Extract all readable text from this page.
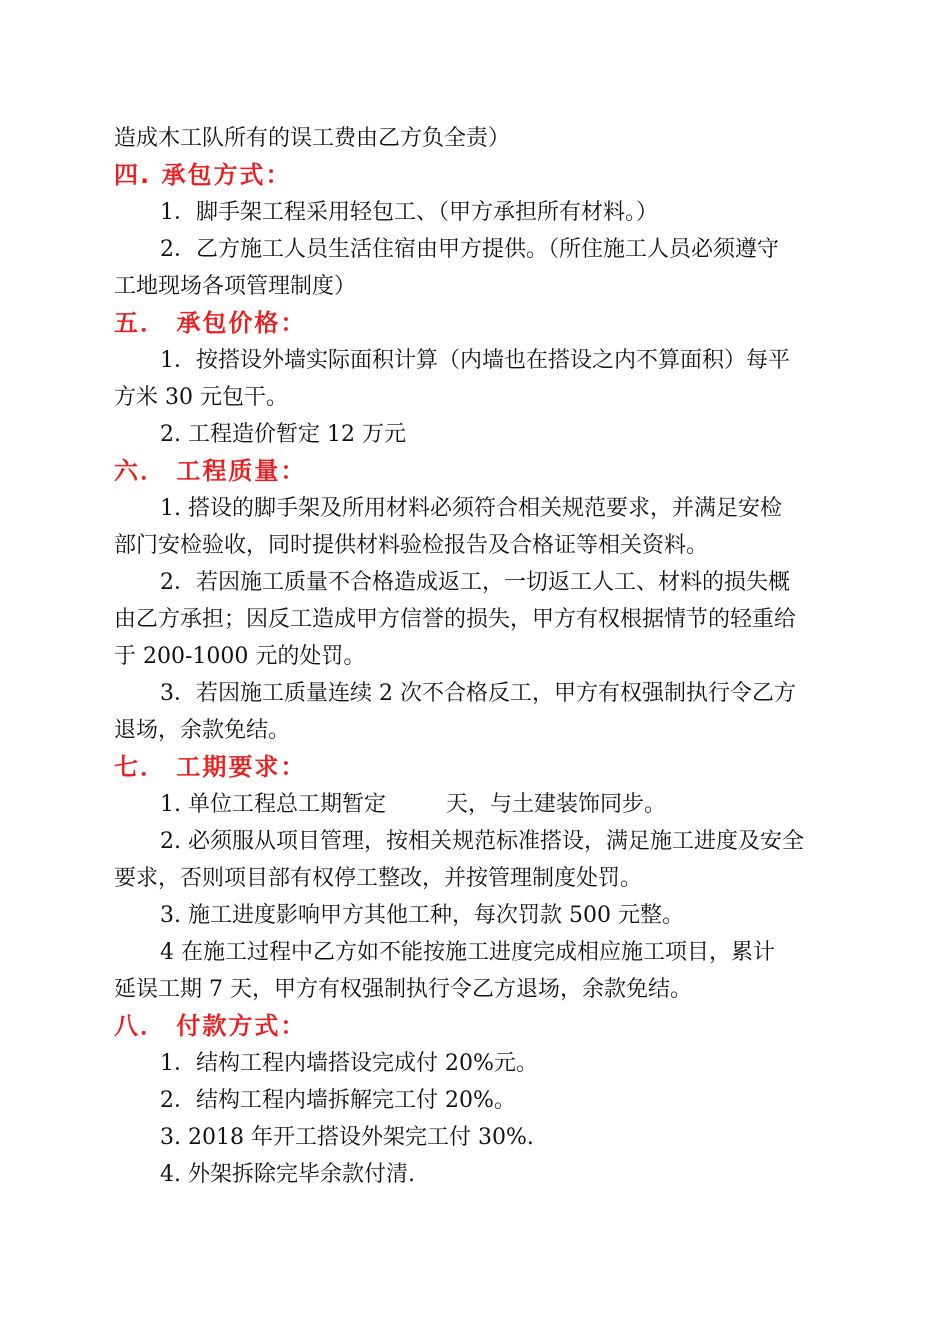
造成木工队所有的误工费由乙方负全责）
四. 承包方式：
1．脚手架工程采用轻包工、（甲方承担所有材料。）
2．乙方施工人员生活住宿由甲方提供。（所住施工人员必须遵守
工地现场各项管理制度）
五． 承包价格：
1．按搭设外墙实际面积计算（内墙也在搭设之内不算面积）每平
方米 30 元包干。
2. 工程造价暂定 12 万元
六． 工程质量：
1. 搭设的脚手架及所用材料必须符合相关规范要求，并满足安检
部门安检验收，同时提供材料验检报告及合格证等相关资料。
2．若因施工质量不合格造成返工，一切返工人工、材料的损失概
由乙方承担；因反工造成甲方信誉的损失，甲方有权根据情节的轻重给
于 200-1000 元的处罚。
3．若因施工质量连续 2 次不合格反工，甲方有权强制执行令乙方
退场，余款免结。
七． 工期要求：
1. 单位工程总工期暂定	天，与土建装饰同步。
2. 必须服从项目管理，按相关规范标准搭设，满足施工进度及安全
要求，否则项目部有权停工整改，并按管理制度处罚。
3. 施工进度影响甲方其他工种，每次罚款 500 元整。
4 在施工过程中乙方如不能按施工进度完成相应施工项目，累计
延误工期 7 天，甲方有权强制执行令乙方退场，余款免结。
八． 付款方式：
1．结构工程内墙搭设完成付 20%元。
2．结构工程内墙拆解完工付 20%。
3. 2018 年开工搭设外架完工付 30%.
4. 外架拆除完毕余款付清.
